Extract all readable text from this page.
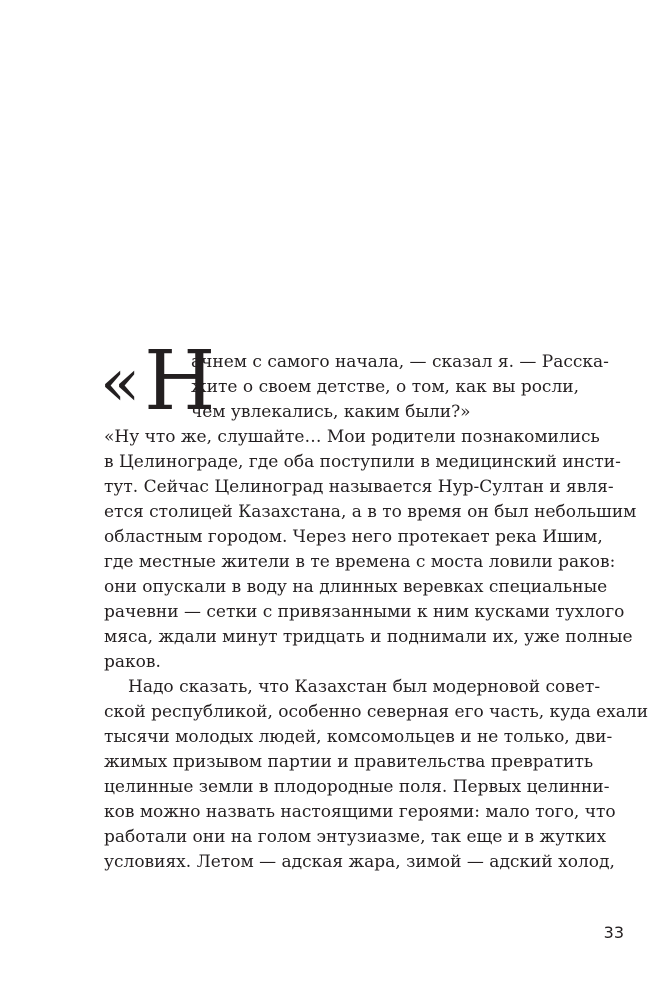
« Н
ачнем с самого начала, — сказал я. — Расска-
жите о своем детстве, о том, как вы росли,
чем увлекались, каким были?»
«Ну что же, слушайте… Мои родители познакомились
в Целинограде, где оба поступили в медицинский инсти-
тут. Сейчас Целиноград называется Нур-Султан и явля-
ется столицей Казахстана, а в то время он был небольшим
областным городом. Через него протекает река Ишим,
где местные жители в те времена с моста ловили раков:
они опускали в воду на длинных веревках специальные
рачевни — сетки с привязанными к ним кусками тухлого
мяса, ждали минут тридцать и поднимали их, уже полные
раков.
Надо сказать, что Казахстан был модерновой совет-
ской республикой, особенно северная его часть, куда ехали
тысячи молодых людей, комсомольцев и не только, дви-
жимых призывом партии и правительства превратить
целинные земли в плодородные поля. Первых целинни-
ков можно назвать настоящими героями: мало того, что
работали они на голом энтузиазме, так еще и в жутких
условиях. Летом — адская жара, зимой — адский холод,
33
